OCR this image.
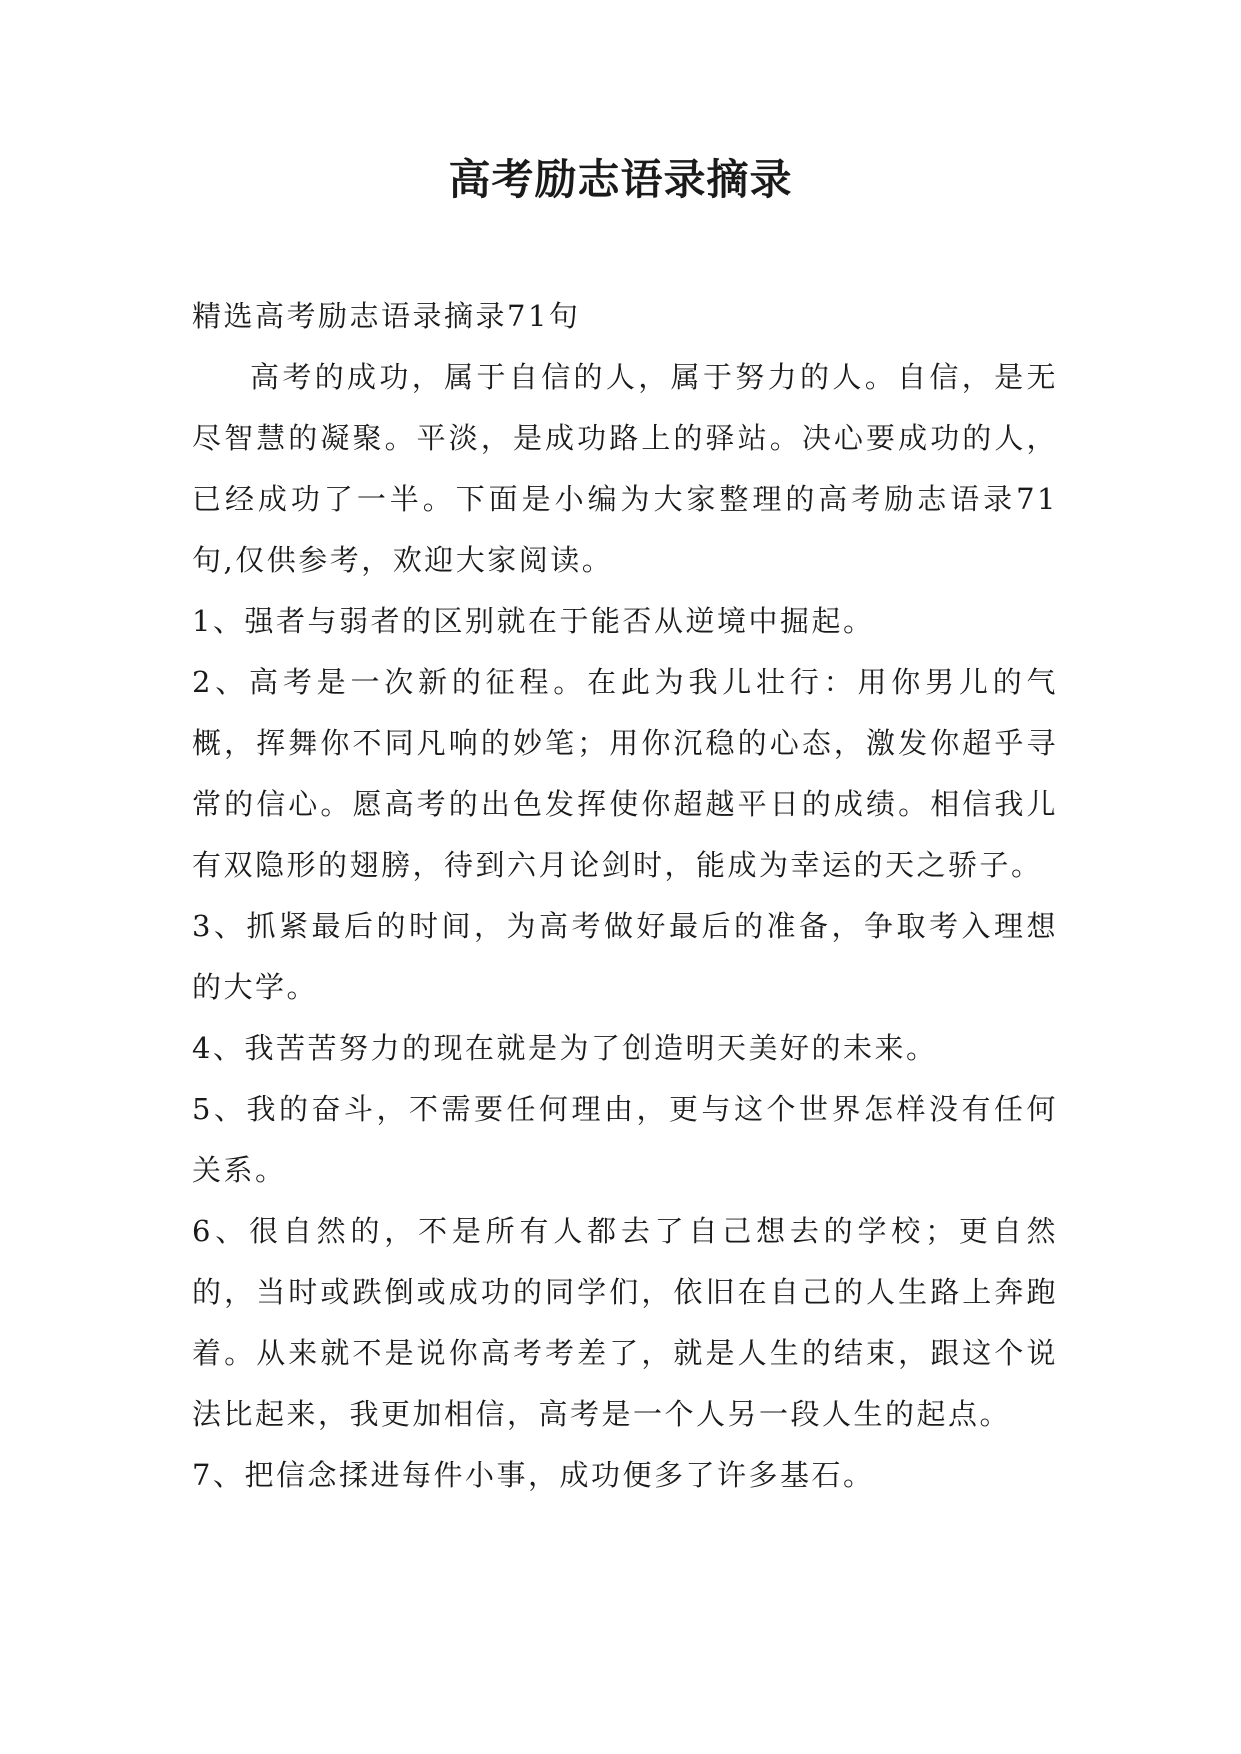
高考励志语录摘录

精选高考励志语录摘录71句

高考的成功，属于自信的人，属于努力的人。自信，是无尽智慧的凝聚。平淡，是成功路上的驿站。决心要成功的人，已经成功了一半。下面是小编为大家整理的高考励志语录71句,仅供参考，欢迎大家阅读。

1、强者与弱者的区别就在于能否从逆境中掘起。

2、高考是一次新的征程。在此为我儿壮行：用你男儿的气概，挥舞你不同凡响的妙笔；用你沉稳的心态，激发你超乎寻常的信心。愿高考的出色发挥使你超越平日的成绩。相信我儿有双隐形的翅膀，待到六月论剑时，能成为幸运的天之骄子。

3、抓紧最后的时间，为高考做好最后的准备，争取考入理想的大学。

4、我苦苦努力的现在就是为了创造明天美好的未来。

5、我的奋斗，不需要任何理由，更与这个世界怎样没有任何关系。

6、很自然的，不是所有人都去了自己想去的学校；更自然的，当时或跌倒或成功的同学们，依旧在自己的人生路上奔跑着。从来就不是说你高考考差了，就是人生的结束，跟这个说法比起来，我更加相信，高考是一个人另一段人生的起点。

7、把信念揉进每件小事，成功便多了许多基石。
